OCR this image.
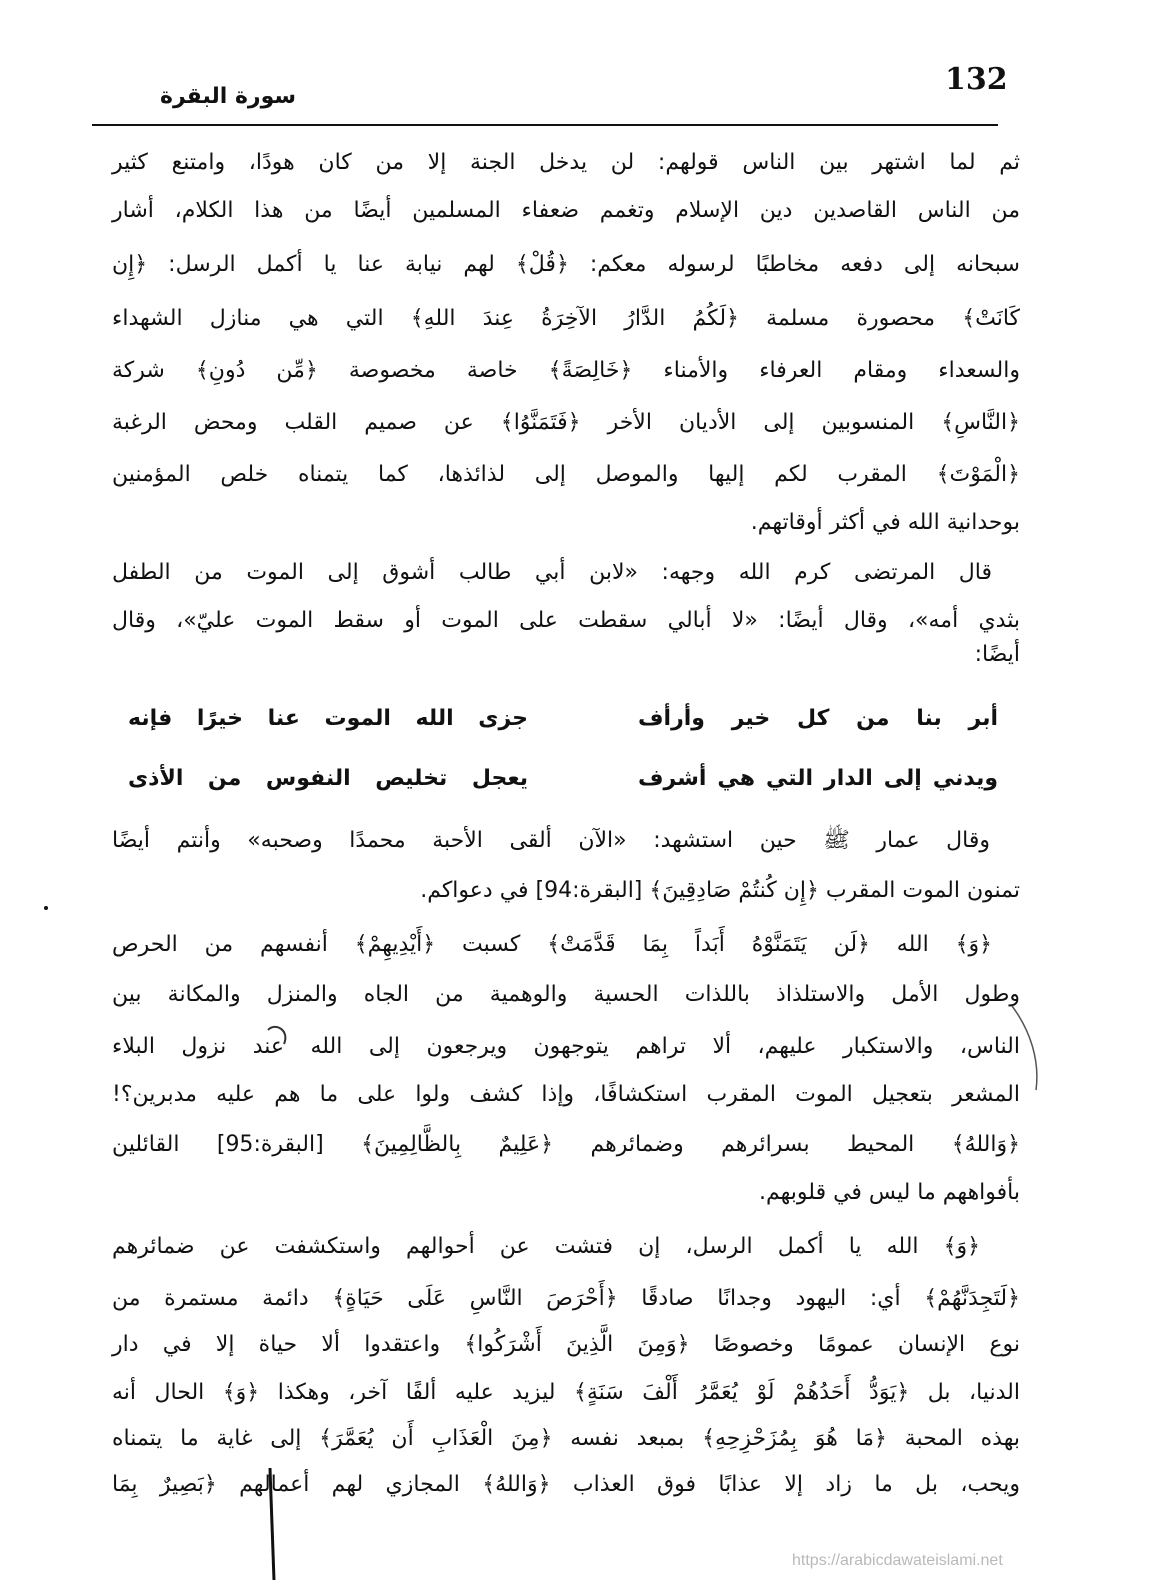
132
سورة البقرة
ثم لما اشتهر بين الناس قولهم: لن يدخل الجنة إلا من كان هودًا، وامتنع كثير
من الناس القاصدين دين الإسلام وتغمم ضعفاء المسلمين أيضًا من هذا الكلام، أشار
سبحانه إلى دفعه مخاطبًا لرسوله معكم: ﴿قُلْ﴾ لهم نيابة عنا يا أكمل الرسل: ﴿إِن
كَانَتْ﴾ محصورة مسلمة ﴿لَكُمُ الدَّارُ الآخِرَةُ عِندَ اللهِ﴾ التي هي منازل الشهداء
والسعداء ومقام العرفاء والأمناء ﴿خَالِصَةً﴾ خاصة مخصوصة ﴿مِّن دُونِ﴾ شركة
﴿النَّاسِ﴾ المنسوبين إلى الأديان الأخر ﴿فَتَمَنَّوُا﴾ عن صميم القلب ومحض الرغبة
﴿الْمَوْتَ﴾ المقرب لكم إليها والموصل إلى لذائذها، كما يتمناه خلص المؤمنين
بوحدانية الله في أكثر أوقاتهم.
قال المرتضى كرم الله وجهه: «لابن أبي طالب أشوق إلى الموت من الطفل
بثدي أمه»، وقال أيضًا: «لا أبالي سقطت على الموت أو سقط الموت عليّ»، وقال
أيضًا:
أبر بنا من كل خير وأرأف
جزى الله الموت عنا خيرًا فإنه
ويدني إلى الدار التي هي أشرف
يعجل تخليص النفوس من الأذى
وقال عمار ﷺ حين استشهد: «الآن ألقى الأحبة محمدًا وصحبه» وأنتم أيضًا
تمنون الموت المقرب ﴿إِن كُنتُمْ صَادِقِينَ﴾ [البقرة:94] في دعواكم.
﴿وَ﴾ الله ﴿لَن يَتَمَنَّوْهُ أَبَداً بِمَا قَدَّمَتْ﴾ كسبت ﴿أَيْدِيهِمْ﴾ أنفسهم من الحرص
وطول الأمل والاستلذاذ باللذات الحسية والوهمية من الجاه والمنزل والمكانة بين
الناس، والاستكبار عليهم، ألا تراهم يتوجهون ويرجعون إلى الله عند نزول البلاء
المشعر بتعجيل الموت المقرب استكشافًا، وإذا كشف ولوا على ما هم عليه مدبرين؟!
﴿وَاللهُ﴾ المحيط بسرائرهم وضمائرهم ﴿عَلِيمٌ بِالظَّالِمِينَ﴾ [البقرة:95] القائلين
بأفواههم ما ليس في قلوبهم.
﴿وَ﴾ الله يا أكمل الرسل، إن فتشت عن أحوالهم واستكشفت عن ضمائرهم
﴿لَتَجِدَنَّهُمْ﴾ أي: اليهود وجدانًا صادقًا ﴿أَحْرَصَ النَّاسِ عَلَى حَيَاةٍ﴾ دائمة مستمرة من
نوع الإنسان عمومًا وخصوصًا ﴿وَمِنَ الَّذِينَ أَشْرَكُوا﴾ واعتقدوا ألا حياة إلا في دار
الدنيا، بل ﴿يَوَدُّ أَحَدُهُمْ لَوْ يُعَمَّرُ أَلْفَ سَنَةٍ﴾ ليزيد عليه ألفًا آخر، وهكذا ﴿وَ﴾ الحال أنه
بهذه المحبة ﴿مَا هُوَ بِمُزَحْزِحِهِ﴾ بمبعد نفسه ﴿مِنَ الْعَذَابِ أَن يُعَمَّرَ﴾ إلى غاية ما يتمناه
ويحب، بل ما زاد إلا عذابًا فوق العذاب ﴿وَاللهُ﴾ المجازي لهم أعمالهم ﴿بَصِيرٌ بِمَا
https://arabicdawateislami.net
